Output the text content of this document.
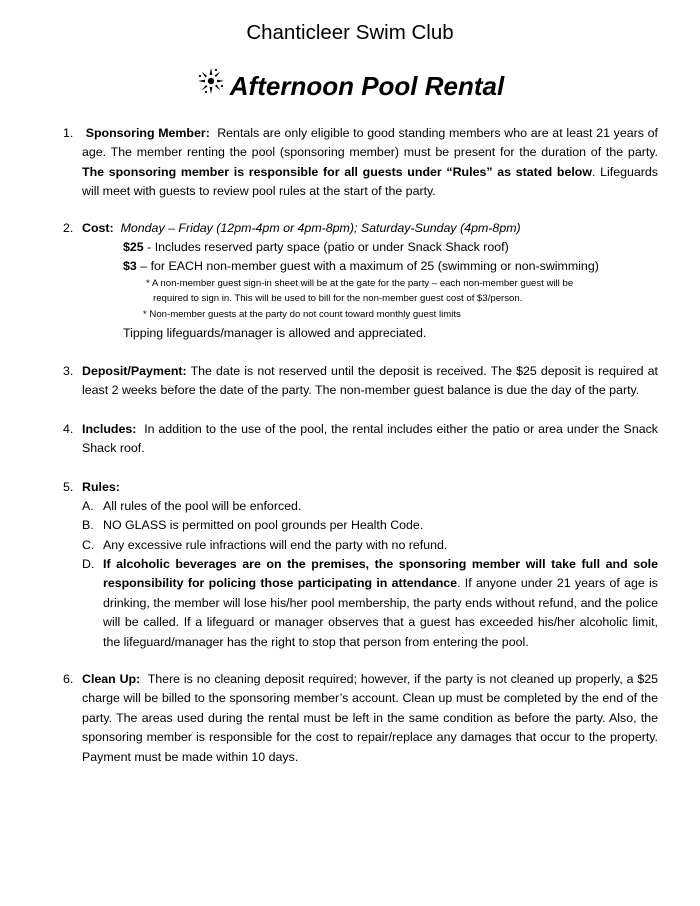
Chanticleer Swim Club
Afternoon Pool Rental
1. Sponsoring Member: Rentals are only eligible to good standing members who are at least 21 years of age. The member renting the pool (sponsoring member) must be present for the duration of the party. The sponsoring member is responsible for all guests under “Rules” as stated below. Lifeguards will meet with guests to review pool rules at the start of the party.
2. Cost: Monday – Friday (12pm-4pm or 4pm-8pm); Saturday-Sunday (4pm-8pm)
$25 - Includes reserved party space (patio or under Snack Shack roof)
$3 – for EACH non-member guest with a maximum of 25 (swimming or non-swimming)
* A non-member guest sign-in sheet will be at the gate for the party – each non-member guest will be
required to sign in. This will be used to bill for the non-member guest cost of $3/person.
* Non-member guests at the party do not count toward monthly guest limits
Tipping lifeguards/manager is allowed and appreciated.
3. Deposit/Payment: The date is not reserved until the deposit is received. The $25 deposit is required at least 2 weeks before the date of the party. The non-member guest balance is due the day of the party.
4. Includes: In addition to the use of the pool, the rental includes either the patio or area under the Snack Shack roof.
5. Rules:
A. All rules of the pool will be enforced.
B. NO GLASS is permitted on pool grounds per Health Code.
C. Any excessive rule infractions will end the party with no refund.
D. If alcoholic beverages are on the premises, the sponsoring member will take full and sole responsibility for policing those participating in attendance. If anyone under 21 years of age is drinking, the member will lose his/her pool membership, the party ends without refund, and the police will be called. If a lifeguard or manager observes that a guest has exceeded his/her alcoholic limit, the lifeguard/manager has the right to stop that person from entering the pool.
6. Clean Up: There is no cleaning deposit required; however, if the party is not cleaned up properly, a $25 charge will be billed to the sponsoring member’s account. Clean up must be completed by the end of the party. The areas used during the rental must be left in the same condition as before the party. Also, the sponsoring member is responsible for the cost to repair/replace any damages that occur to the property. Payment must be made within 10 days.
